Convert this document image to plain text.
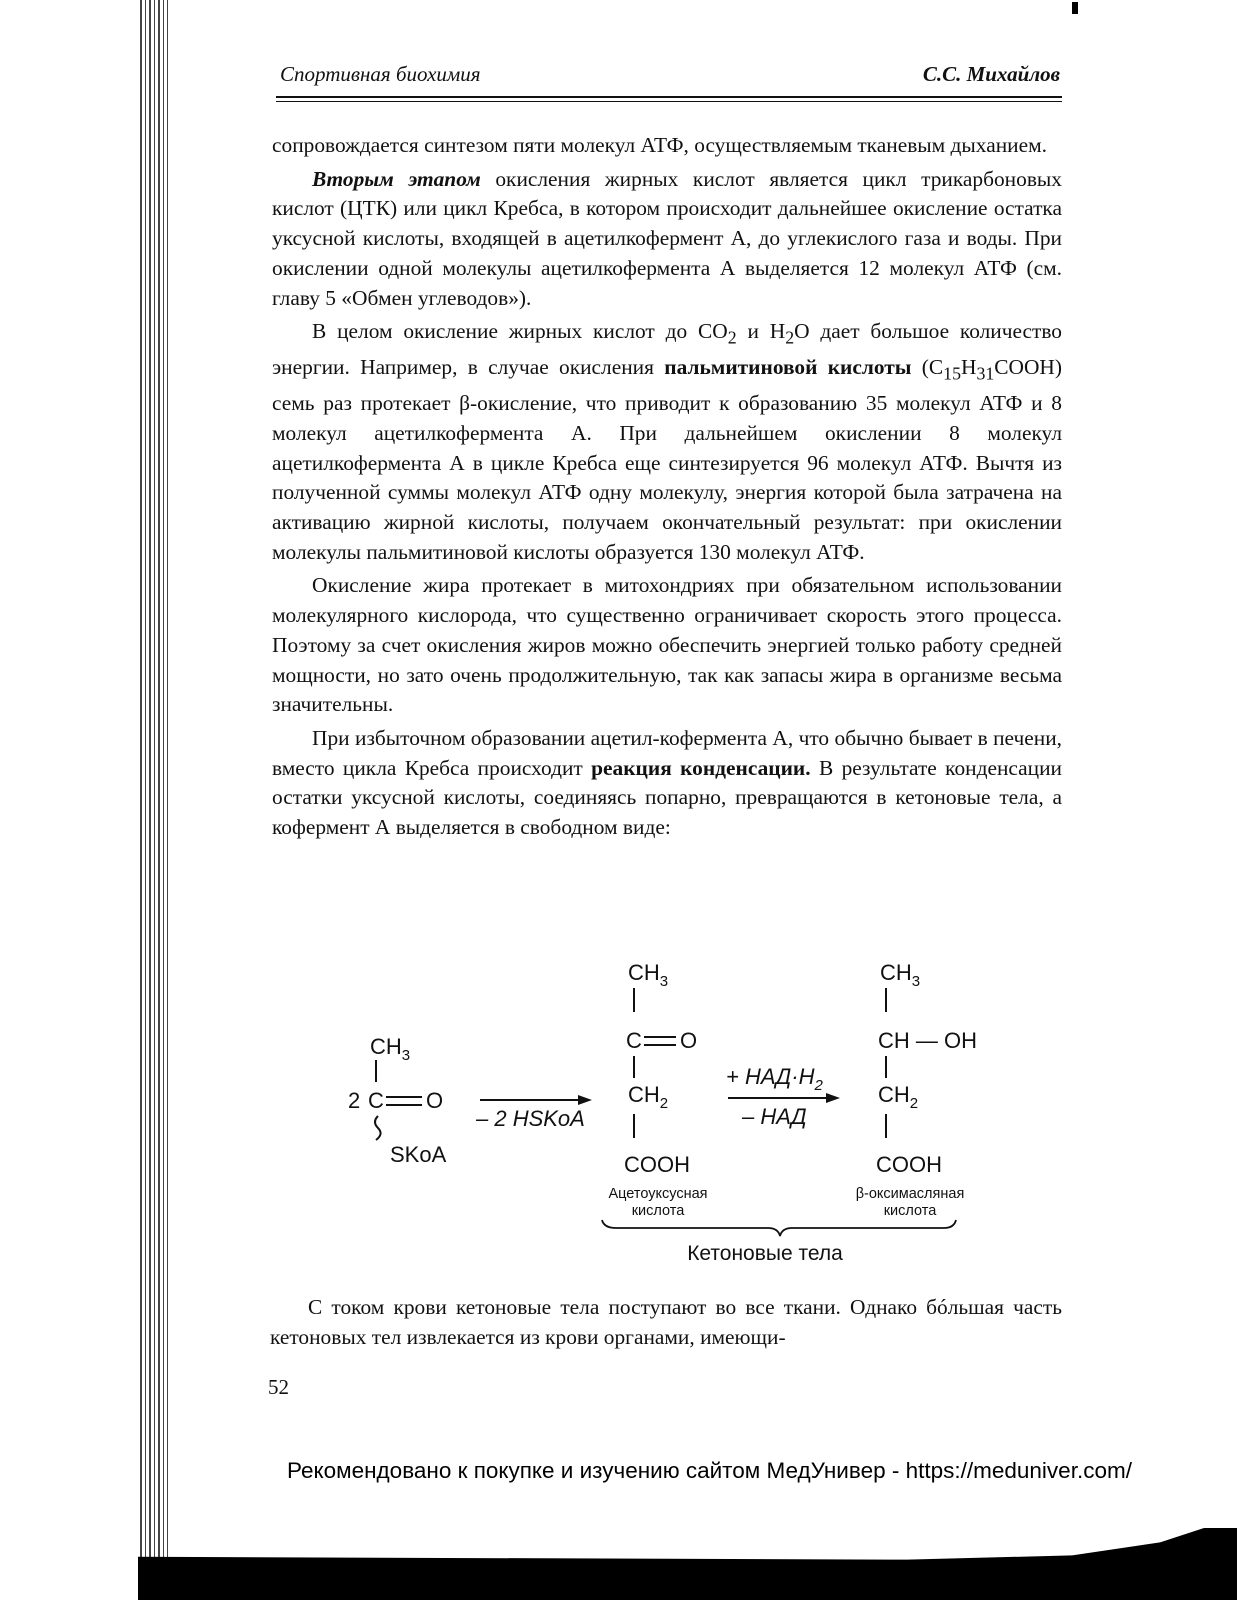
Спортивная биохимия	С.С. Михайлов

сопровождается синтезом пяти молекул АТФ, осуществляемым тканевым дыханием.

Вторым этапом окисления жирных кислот является цикл трикарбоновых кислот (ЦТК) или цикл Кребса, в котором происходит дальнейшее окисление остатка уксусной кислоты, входящей в ацетилкофермент А, до углекислого газа и воды. При окислении одной молекулы ацетилкофермента А выделяется 12 молекул АТФ (см. главу 5 «Обмен углеводов»).

В целом окисление жирных кислот до $CO_2$ и $H_2O$ дает большое количество энергии. Например, в случае окисления пальмитиновой кислоты $(C_{15}H_{31}COOH)$ семь раз протекает β-окисление, что приводит к образованию 35 молекул АТФ и 8 молекул ацетилкофермента А. При дальнейшем окислении 8 молекул ацетилкофермента А в цикле Кребса еще синтезируется 96 молекул АТФ. Вычтя из полученной суммы молекул АТФ одну молекулу, энергия которой была затрачена на активацию жирной кислоты, получаем окончательный результат: при окислении молекулы пальмитиновой кислоты образуется 130 молекул АТФ.

Окисление жира протекает в митохондриях при обязательном использовании молекулярного кислорода, что существенно ограничивает скорость этого процесса. Поэтому за счет окисления жиров можно обеспечить энергией только работу средней мощности, но зато очень продолжительную, так как запасы жира в организме весьма значительны.

При избыточном образовании ацетил-кофермента А, что обычно бывает в печени, вместо цикла Кребса происходит реакция конденсации. В результате конденсации остатки уксусной кислоты, соединяясь попарно, превращаются в кетоновые тела, а кофермент А выделяется в свободном виде:

$CH_3$
2 C O
SKoA
– 2 HSKoA
$CH_3$
C O
$CH_2$
COOH
Ацетоуксусная
кислота
+ $НАД\cdot Н_2$
– НАД
$CH_3$
CH — OH
$CH_2$
COOH
β-оксимасляная
кислота
Кетоновые тела

С током крови кетоновые тела поступают во все ткани. Однако бóльшая часть кетоновых тел извлекается из крови органами, имеющи-

52
Рекомендовано к покупке и изучению сайтом МедУнивер - https://meduniver.com/
